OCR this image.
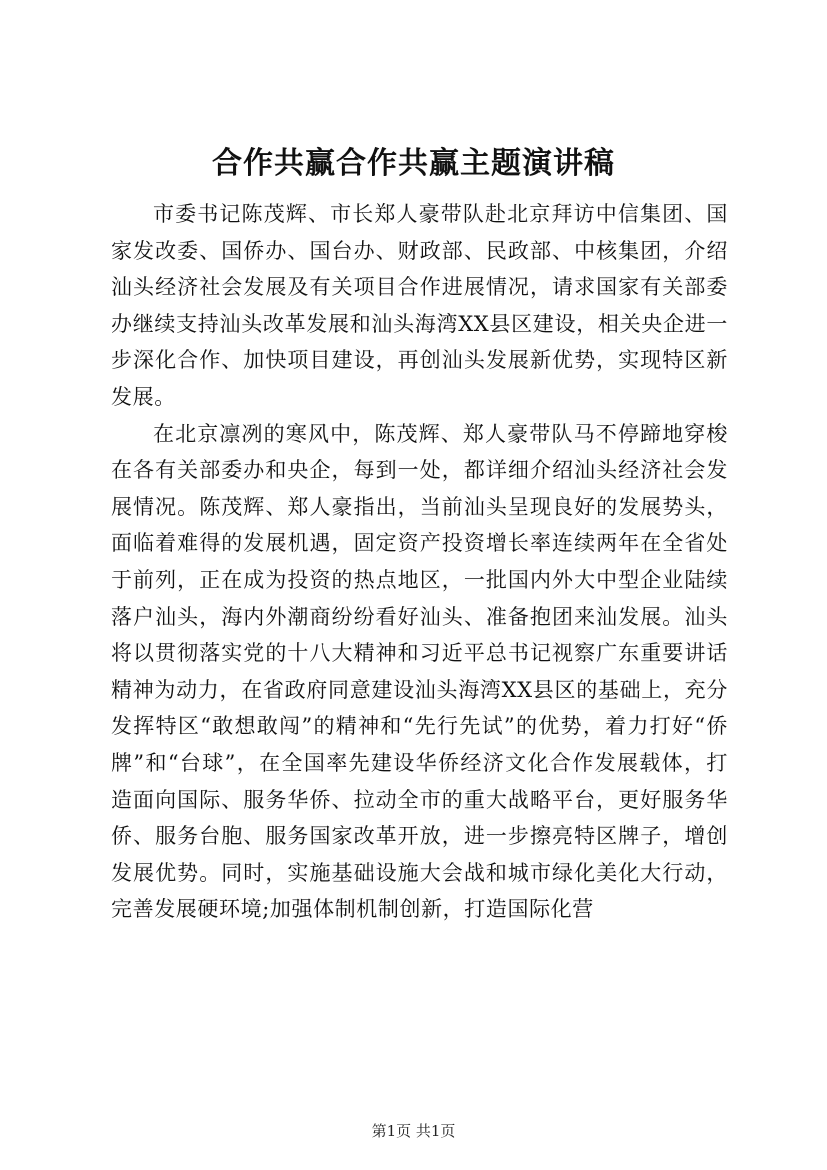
合作共赢合作共赢主题演讲稿

市委书记陈茂辉、市长郑人豪带队赴北京拜访中信集团、国家发改委、国侨办、国台办、财政部、民政部、中核集团，介绍汕头经济社会发展及有关项目合作进展情况，请求国家有关部委办继续支持汕头改革发展和汕头海湾XX县区建设，相关央企进一步深化合作、加快项目建设，再创汕头发展新优势，实现特区新发展。

在北京凛冽的寒风中，陈茂辉、郑人豪带队马不停蹄地穿梭在各有关部委办和央企，每到一处，都详细介绍汕头经济社会发展情况。陈茂辉、郑人豪指出，当前汕头呈现良好的发展势头，面临着难得的发展机遇，固定资产投资增长率连续两年在全省处于前列，正在成为投资的热点地区，一批国内外大中型企业陆续落户汕头，海内外潮商纷纷看好汕头、准备抱团来汕发展。汕头将以贯彻落实党的十八大精神和习近平总书记视察广东重要讲话精神为动力，在省政府同意建设汕头海湾XX县区的基础上，充分发挥特区“敢想敢闯”的精神和“先行先试”的优势，着力打好“侨牌”和“台球”，在全国率先建设华侨经济文化合作发展载体，打造面向国际、服务华侨、拉动全市的重大战略平台，更好服务华侨、服务台胞、服务国家改革开放，进一步擦亮特区牌子，增创发展优势。同时，实施基础设施大会战和城市绿化美化大行动，完善发展硬环境;加强体制机制创新，打造国际化营

第1页 共1页
